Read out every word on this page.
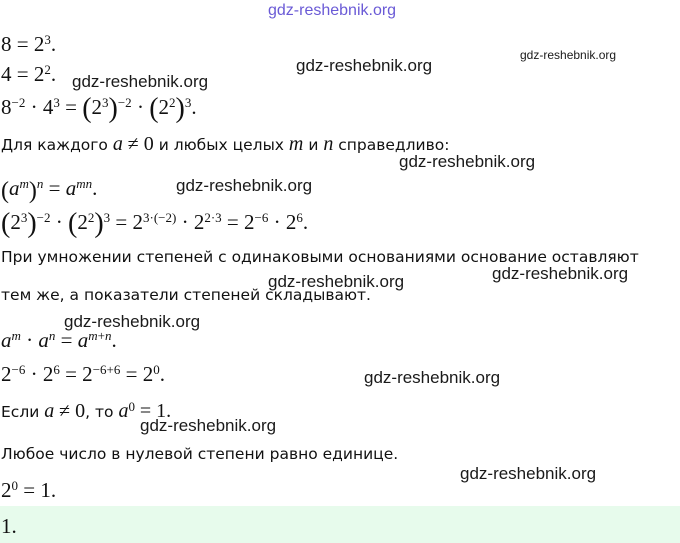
gdz-reshebnik.org
gdz-reshebnik.org
gdz-reshebnik.org
gdz-reshebnik.org
gdz-reshebnik.org
gdz-reshebnik.org
gdz-reshebnik.org	gdz-reshebnik.org
gdz-reshebnik.org
gdz-reshebnik.org
gdz-reshebnik.org
gdz-reshebnik.org
$8 = 2^3$.
$4 = 2^2$.
$8^{-2} \cdot 4^3 = (2^3)^{-2} \cdot (2^2)^3$.
Для каждого a ≠ 0 и любых целых m и n справедливо:
$(a^m)^n = a^{mn}$.
$(2^3)^{-2} \cdot (2^2)^3 = 2^{3\cdot(-2)} \cdot 2^{2\cdot 3} = 2^{-6} \cdot 2^6$.
При умножении степеней с одинаковыми основаниями основание оставляют
тем же, а показатели степеней складывают.
$a^m \cdot a^n = a^{m+n}$.
$2^{-6} \cdot 2^6 = 2^{-6+6} = 2^0$.
Если a ≠ 0, то $a^0 = 1$.
Любое число в нулевой степени равно единице.
$2^0 = 1$.
1.
